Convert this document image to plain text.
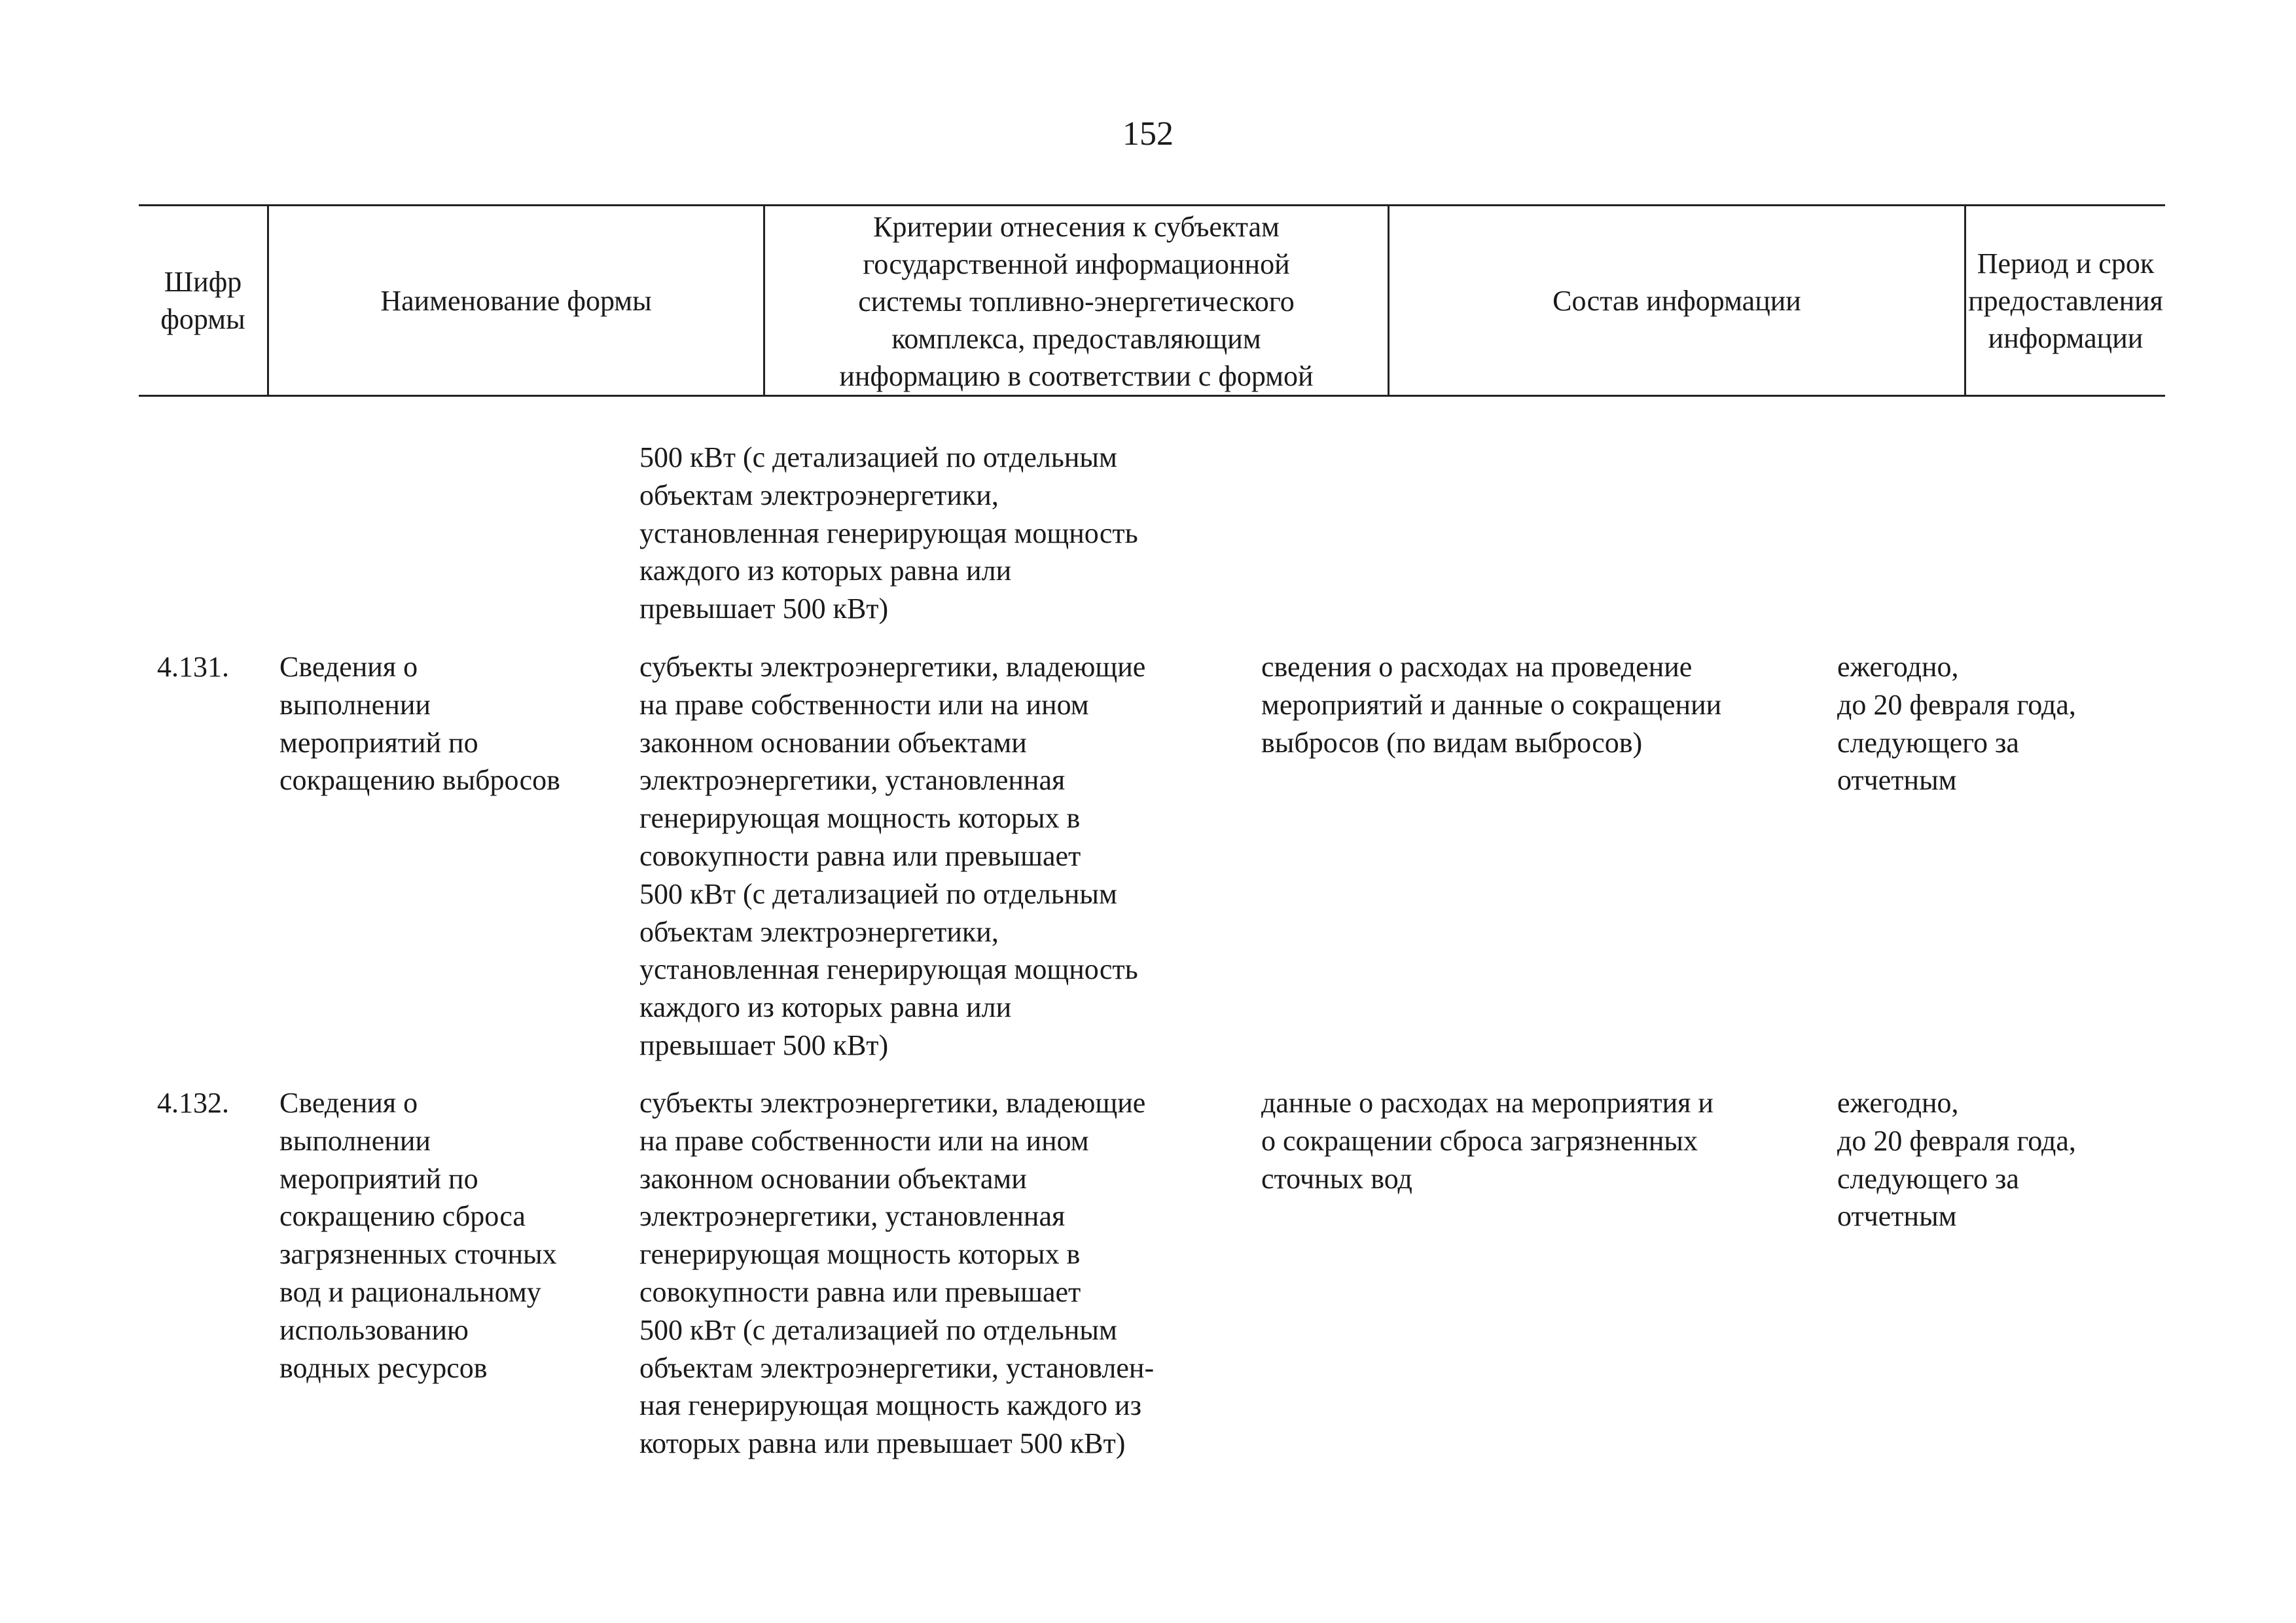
152
Шифр
формы
Наименование формы
Критерии отнесения к субъектам
государственной информационной
системы топливно-энергетического
комплекса, предоставляющим
информацию в соответствии с формой
Состав информации
Период и срок
предоставления
информации
500 кВт (с детализацией по отдельным
объектам электроэнергетики,
установленная генерирующая мощность
каждого из которых равна или
превышает 500 кВт)
4.131.	Сведения о
выполнении
мероприятий по
сокращению выбросов
субъекты электроэнергетики, владеющие
на праве собственности или на ином
законном основании объектами
электроэнергетики, установленная
генерирующая мощность которых в
совокупности равна или превышает
500 кВт (с детализацией по отдельным
объектам электроэнергетики,
установленная генерирующая мощность
каждого из которых равна или
превышает 500 кВт)
сведения о расходах на проведение
мероприятий и данные о сокращении
выбросов (по видам выбросов)
ежегодно,
до 20 февраля года,
следующего за
отчетным
4.132.	Сведения о
выполнении
мероприятий по
сокращению сброса
загрязненных сточных
вод и рациональному
использованию
водных ресурсов
субъекты электроэнергетики, владеющие
на праве собственности или на ином
законном основании объектами
электроэнергетики, установленная
генерирующая мощность которых в
совокупности равна или превышает
500 кВт (с детализацией по отдельным
объектам электроэнергетики, установлен-
ная генерирующая мощность каждого из
которых равна или превышает 500 кВт)
данные о расходах на мероприятия и
о сокращении сброса загрязненных
сточных вод
ежегодно,
до 20 февраля года,
следующего за
отчетным
